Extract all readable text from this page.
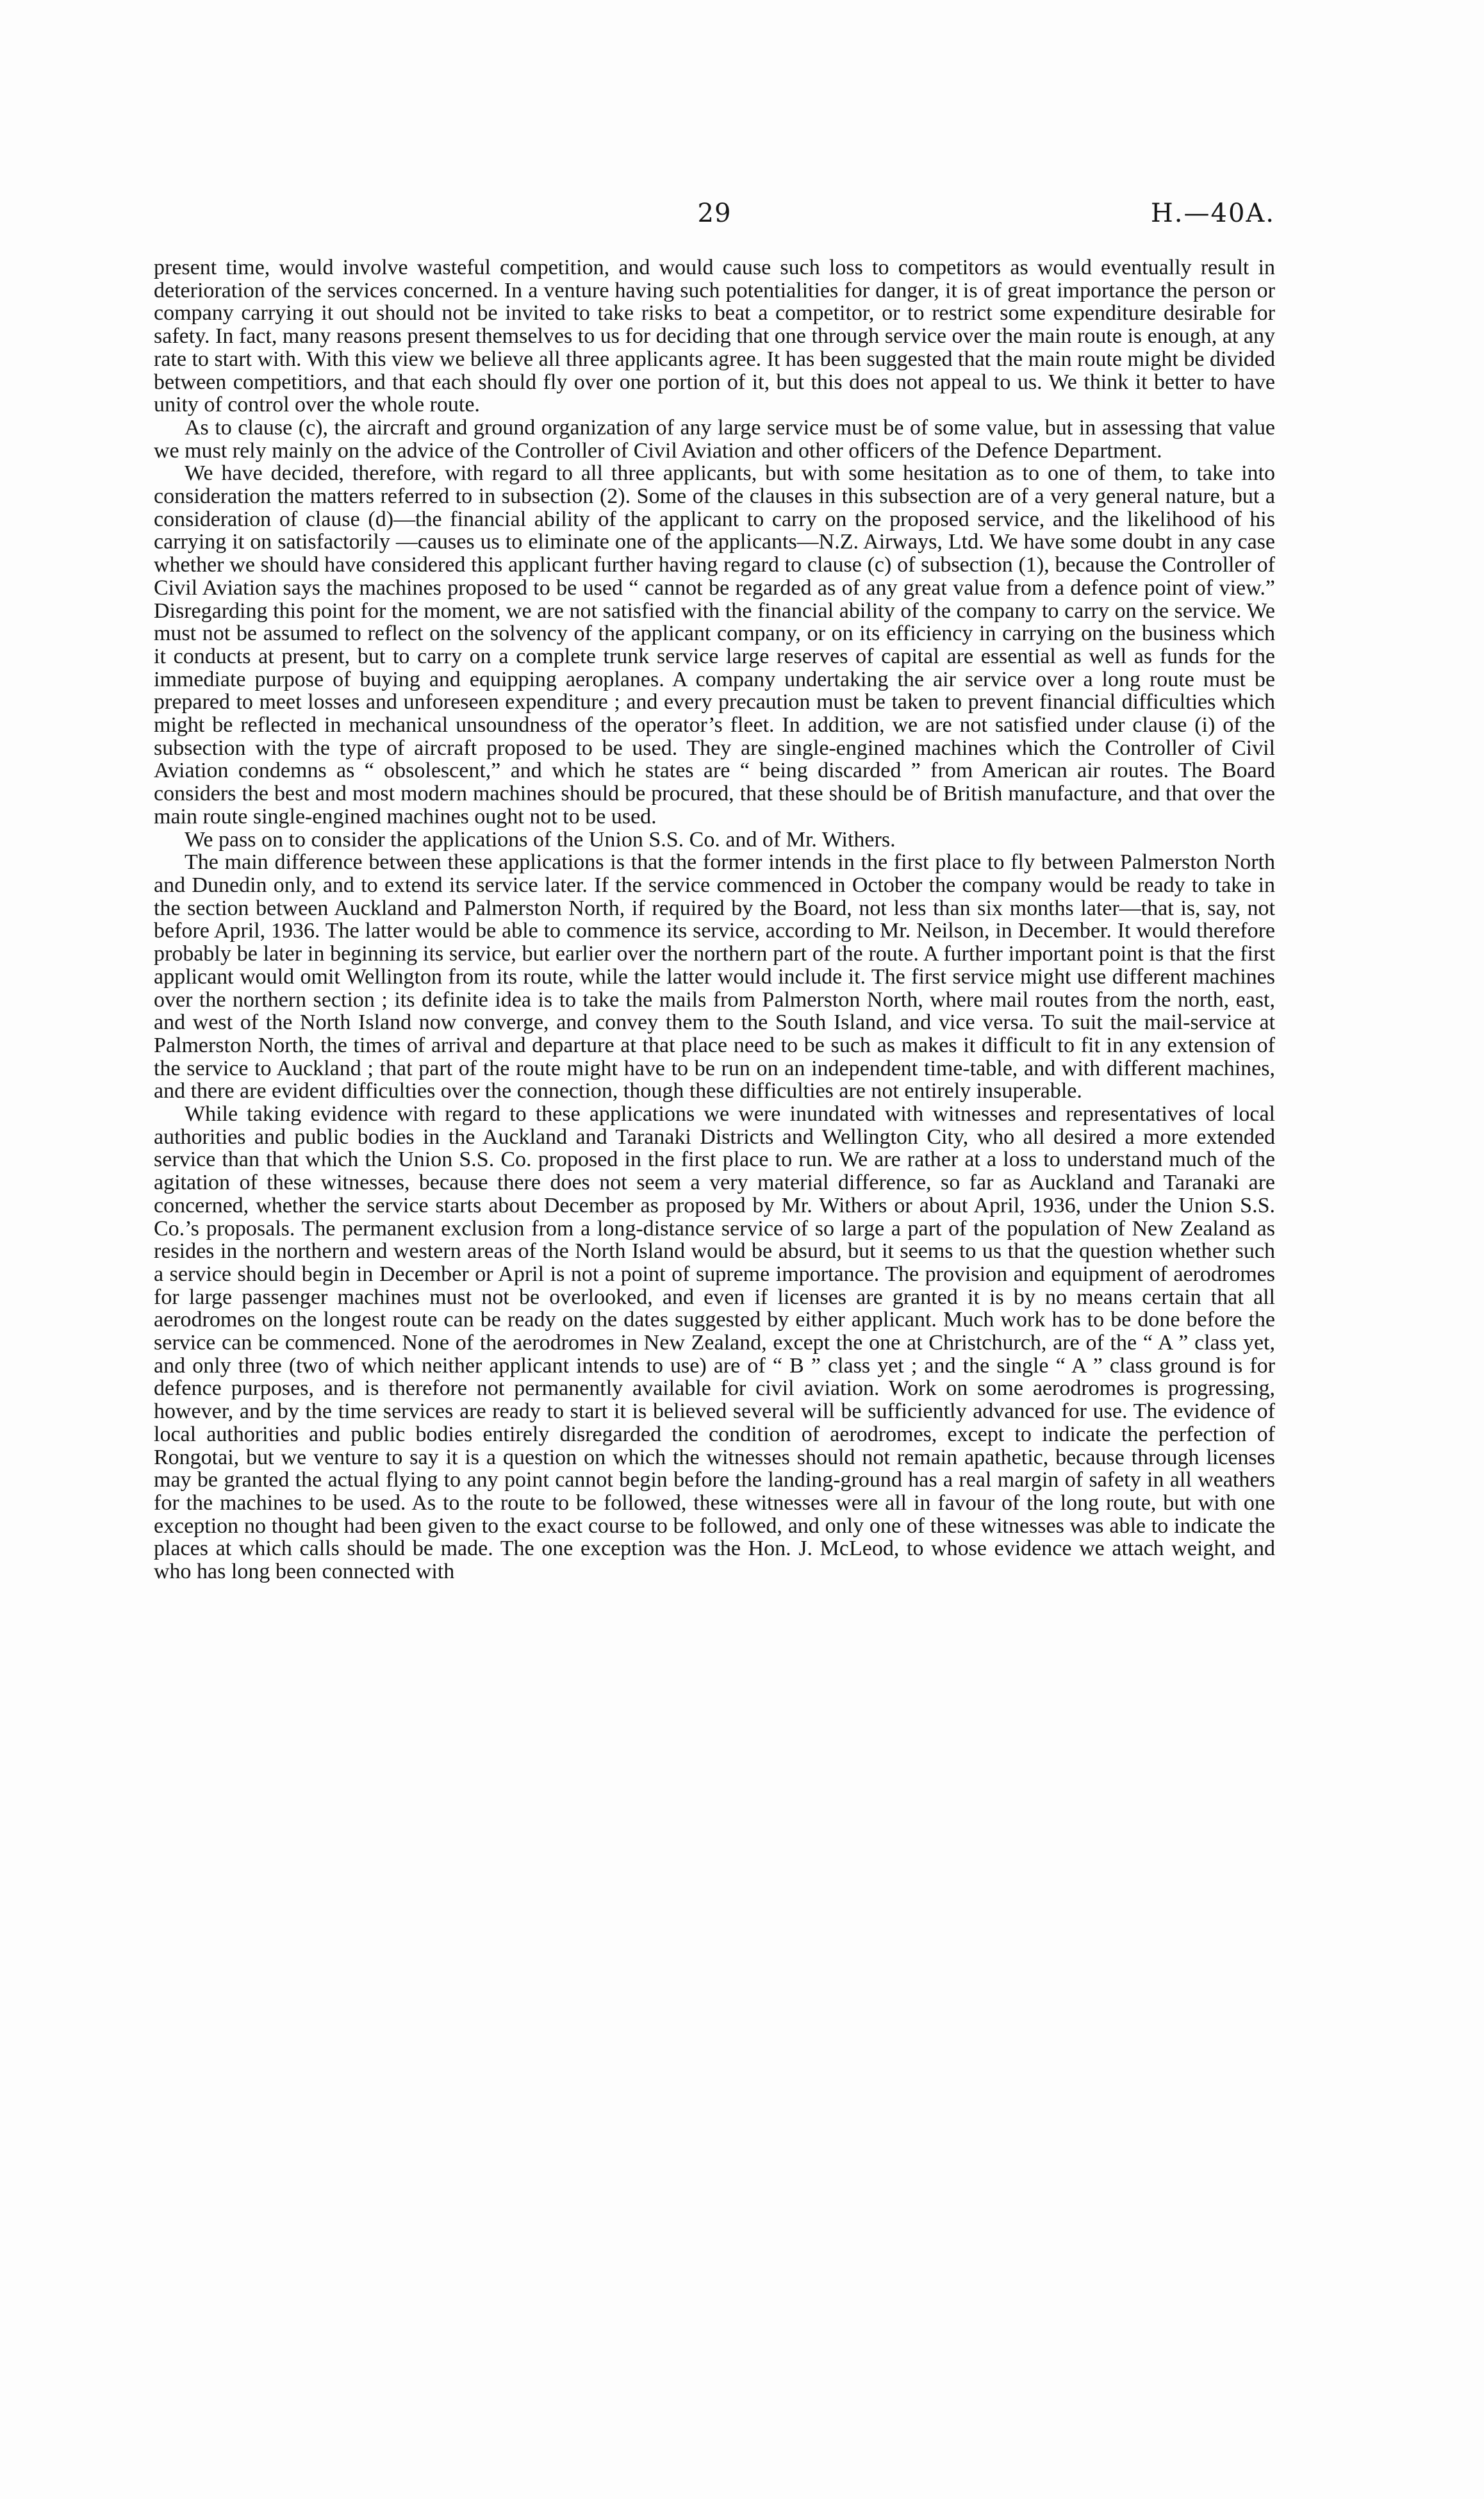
29	H.—40A.

present time, would involve wasteful competition, and would cause such loss to competitors as would eventually result in deterioration of the services concerned. In a venture having such potentialities for danger, it is of great importance the person or company carrying it out should not be invited to take risks to beat a competitor, or to restrict some expenditure desirable for safety. In fact, many reasons present themselves to us for deciding that one through service over the main route is enough, at any rate to start with. With this view we believe all three applicants agree. It has been suggested that the main route might be divided between competitiors, and that each should fly over one portion of it, but this does not appeal to us. We think it better to have unity of control over the whole route.

As to clause (c), the aircraft and ground organization of any large service must be of some value, but in assessing that value we must rely mainly on the advice of the Controller of Civil Aviation and other officers of the Defence Department.

We have decided, therefore, with regard to all three applicants, but with some hesitation as to one of them, to take into consideration the matters referred to in subsection (2). Some of the clauses in this subsection are of a very general nature, but a consideration of clause (d)—the financial ability of the applicant to carry on the proposed service, and the likelihood of his carrying it on satisfactorily —causes us to eliminate one of the applicants—N.Z. Airways, Ltd. We have some doubt in any case whether we should have considered this applicant further having regard to clause (c) of subsection (1), because the Controller of Civil Aviation says the machines proposed to be used “ cannot be regarded as of any great value from a defence point of view.” Disregarding this point for the moment, we are not satisfied with the financial ability of the company to carry on the service. We must not be assumed to reflect on the solvency of the applicant company, or on its efficiency in carrying on the business which it conducts at present, but to carry on a complete trunk service large reserves of capital are essential as well as funds for the immediate purpose of buying and equipping aeroplanes. A company undertaking the air service over a long route must be prepared to meet losses and unforeseen expenditure ; and every precaution must be taken to prevent financial difficulties which might be reflected in mechanical unsoundness of the operator’s fleet. In addition, we are not satisfied under clause (i) of the subsection with the type of aircraft proposed to be used. They are single-engined machines which the Controller of Civil Aviation condemns as “ obsolescent,” and which he states are “ being discarded ” from American air routes. The Board considers the best and most modern machines should be procured, that these should be of British manufacture, and that over the main route single-engined machines ought not to be used.

We pass on to consider the applications of the Union S.S. Co. and of Mr. Withers.

The main difference between these applications is that the former intends in the first place to fly between Palmerston North and Dunedin only, and to extend its service later. If the service commenced in October the company would be ready to take in the section between Auckland and Palmerston North, if required by the Board, not less than six months later—that is, say, not before April, 1936. The latter would be able to commence its service, according to Mr. Neilson, in December. It would therefore probably be later in beginning its service, but earlier over the northern part of the route. A further important point is that the first applicant would omit Wellington from its route, while the latter would include it. The first service might use different machines over the northern section ; its definite idea is to take the mails from Palmerston North, where mail routes from the north, east, and west of the North Island now converge, and convey them to the South Island, and vice versa. To suit the mail-service at Palmerston North, the times of arrival and departure at that place need to be such as makes it difficult to fit in any extension of the service to Auckland ; that part of the route might have to be run on an independent time-table, and with different machines, and there are evident difficulties over the connection, though these difficulties are not entirely insuperable.

While taking evidence with regard to these applications we were inundated with witnesses and representatives of local authorities and public bodies in the Auckland and Taranaki Districts and Wellington City, who all desired a more extended service than that which the Union S.S. Co. proposed in the first place to run. We are rather at a loss to understand much of the agitation of these witnesses, because there does not seem a very material difference, so far as Auckland and Taranaki are concerned, whether the service starts about December as proposed by Mr. Withers or about April, 1936, under the Union S.S. Co.’s proposals. The permanent exclusion from a long-distance service of so large a part of the population of New Zealand as resides in the northern and western areas of the North Island would be absurd, but it seems to us that the question whether such a service should begin in December or April is not a point of supreme importance. The provision and equipment of aerodromes for large passenger machines must not be overlooked, and even if licenses are granted it is by no means certain that all aerodromes on the longest route can be ready on the dates suggested by either applicant. Much work has to be done before the service can be commenced. None of the aerodromes in New Zealand, except the one at Christchurch, are of the “ A ” class yet, and only three (two of which neither applicant intends to use) are of “ B ” class yet ; and the single “ A ” class ground is for defence purposes, and is therefore not permanently available for civil aviation. Work on some aerodromes is progressing, however, and by the time services are ready to start it is believed several will be sufficiently advanced for use. The evidence of local authorities and public bodies entirely disregarded the condition of aerodromes, except to indicate the perfection of Rongotai, but we venture to say it is a question on which the witnesses should not remain apathetic, because through licenses may be granted the actual flying to any point cannot begin before the landing-ground has a real margin of safety in all weathers for the machines to be used. As to the route to be followed, these witnesses were all in favour of the long route, but with one exception no thought had been given to the exact course to be followed, and only one of these witnesses was able to indicate the places at which calls should be made. The one exception was the Hon. J. McLeod, to whose evidence we attach weight, and who has long been connected with
